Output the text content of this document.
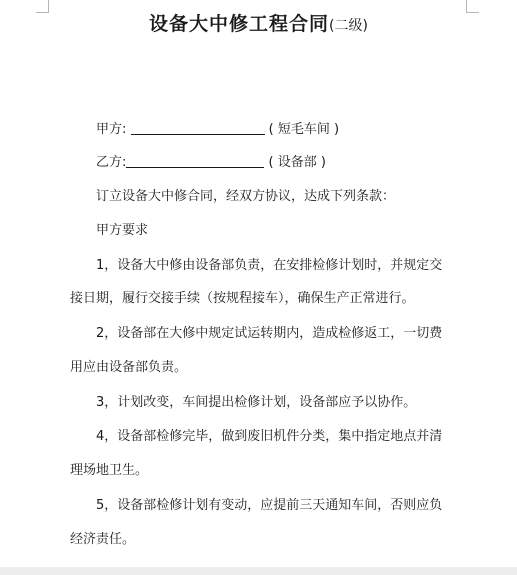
设备大中修工程合同(二级)
甲方:	( 短毛车间 )
乙方:	( 设备部 )
订立设备大中修合同，经双方协议，达成下列条款：
甲方要求
1，设备大中修由设备部负责，在安排检修计划时，并规定交
接日期，履行交接手续（按规程接车），确保生产正常进行。
2，设备部在大修中规定试运转期内，造成检修返工，一切费
用应由设备部负责。
3，计划改变，车间提出检修计划，设备部应予以协作。
4，设备部检修完毕，做到废旧机件分类，集中指定地点并清
理场地卫生。
5，设备部检修计划有变动，应提前三天通知车间，否则应负
经济责任。
